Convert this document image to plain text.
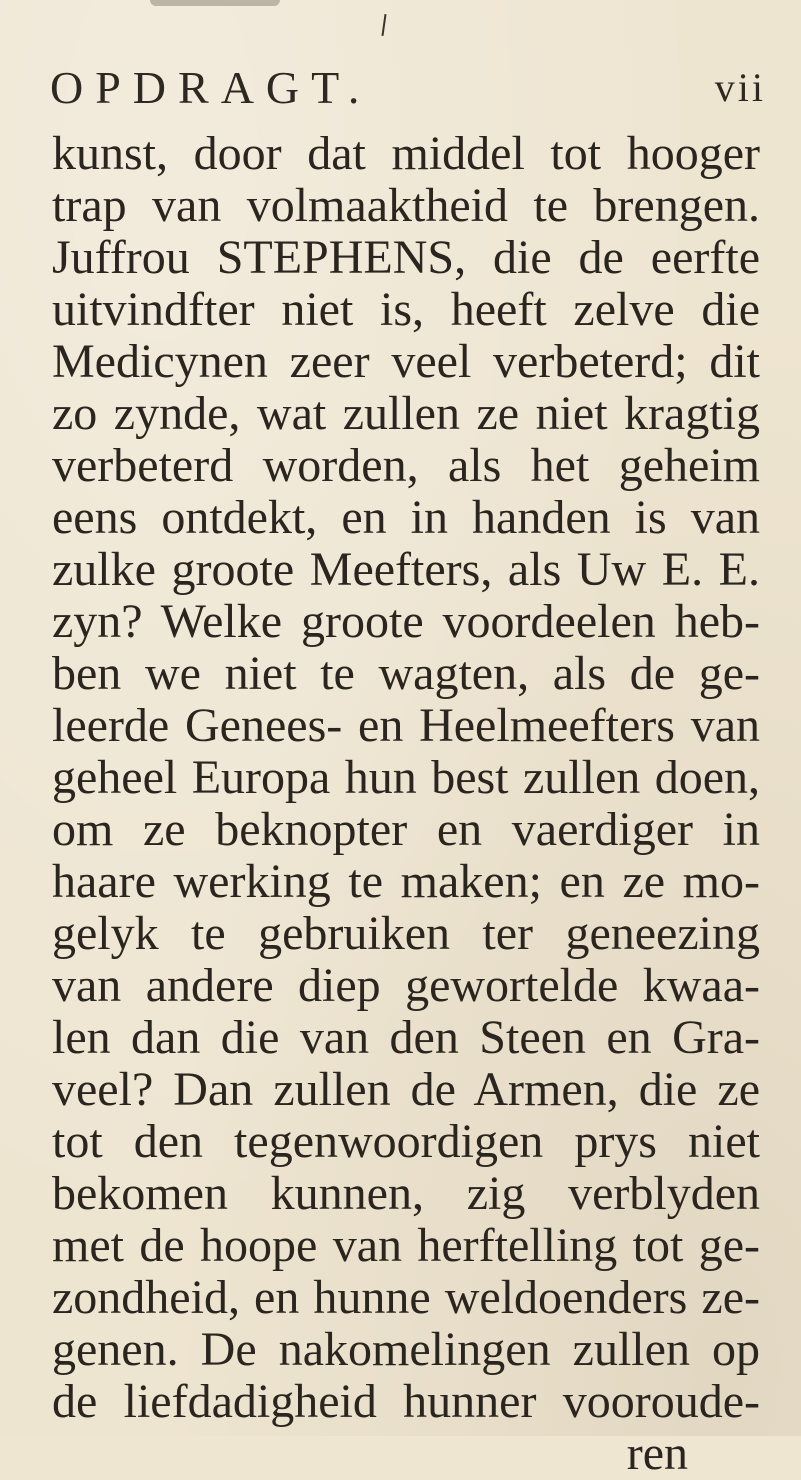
OPDRAGT.	vii
kunst, door dat middel tot hooger
trap van volmaaktheid te brengen.
Juffrou STEPHENS, die de eerfte
uitvindfter niet is, heeft zelve die
Medicynen zeer veel verbeterd; dit
zo zynde, wat zullen ze niet kragtig
verbeterd worden, als het geheim
eens ontdekt, en in handen is van
zulke groote Meefters, als Uw E. E.
zyn? Welke groote voordeelen heb-
ben we niet te wagten, als de ge-
leerde Genees- en Heelmeefters van
geheel Europa hun best zullen doen,
om ze beknopter en vaerdiger in
haare werking te maken; en ze mo-
gelyk te gebruiken ter geneezing
van andere diep gewortelde kwaa-
len dan die van den Steen en Gra-
veel? Dan zullen de Armen, die ze
tot den tegenwoordigen prys niet
bekomen kunnen, zig verblyden
met de hoope van herftelling tot ge-
zondheid, en hunne weldoenders ze-
genen. De nakomelingen zullen op
de liefdadigheid hunner vooroude-
ren
